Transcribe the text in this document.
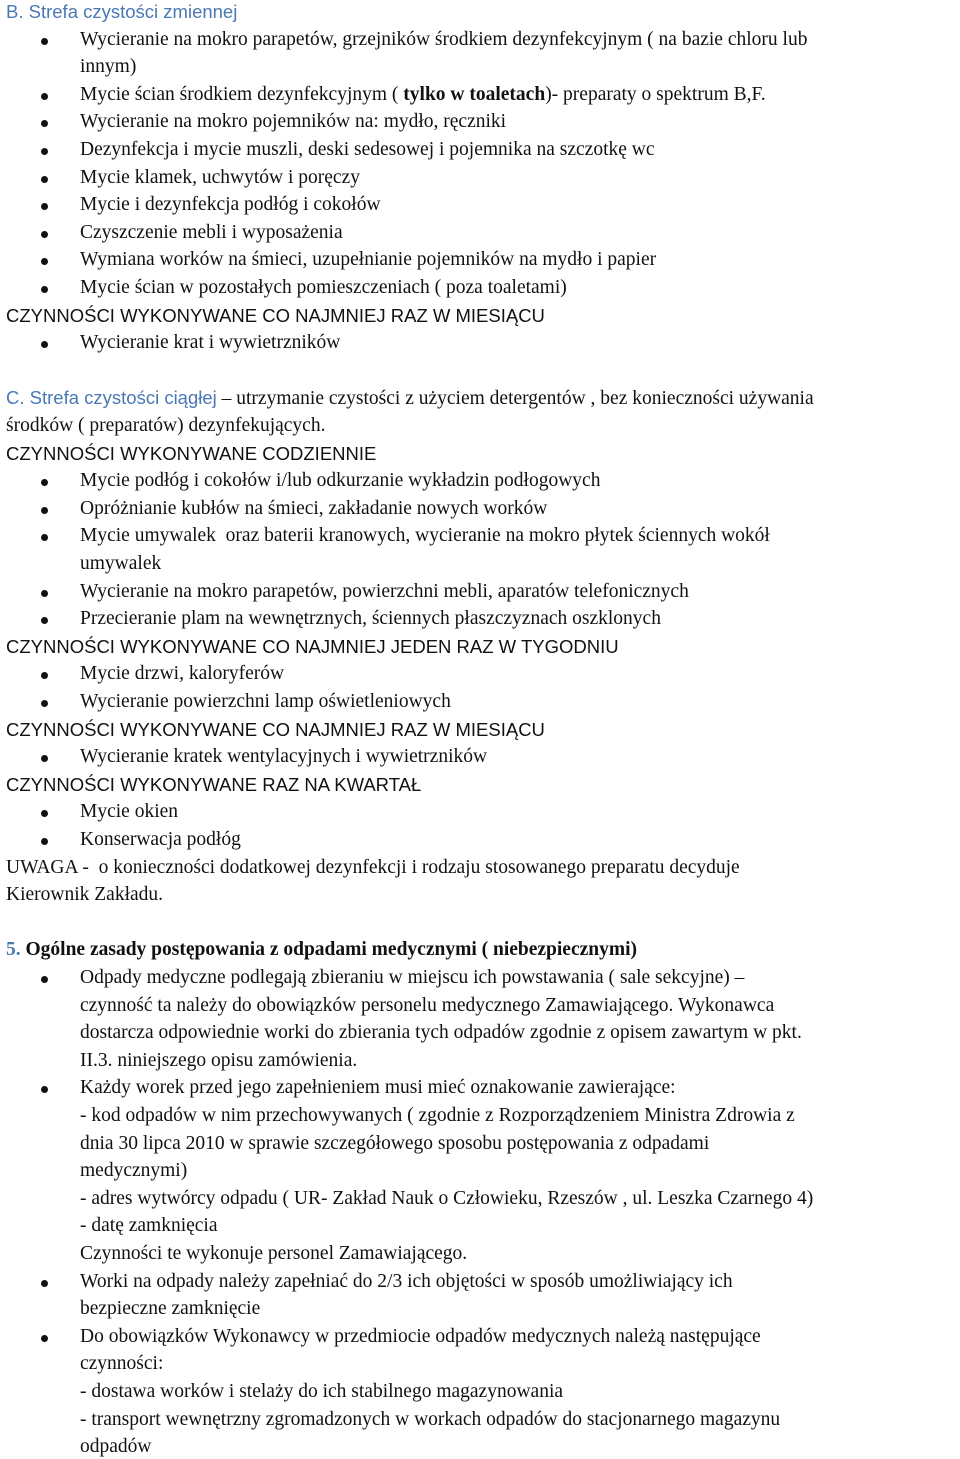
B. Strefa czystości zmiennej
Wycieranie na mokro parapetów, grzejników środkiem dezynfekcyjnym ( na bazie chloru lub
innym)
Mycie ścian środkiem dezynfekcyjnym ( tylko w toaletach)- preparaty o spektrum B,F.
Wycieranie na mokro pojemników na: mydło, ręczniki
Dezynfekcja i mycie muszli, deski sedesowej i pojemnika na szczotkę wc
Mycie klamek, uchwytów i poręczy
Mycie i dezynfekcja podłóg i cokołów
Czyszczenie mebli i wyposażenia
Wymiana worków na śmieci, uzupełnianie pojemników na mydło i papier
Mycie ścian w pozostałych pomieszczeniach ( poza toaletami)
CZYNNOŚCI WYKONYWANE CO NAJMNIEJ RAZ W MIESIĄCU
Wycieranie krat i wywietrzników
C. Strefa czystości ciągłej – utrzymanie czystości z użyciem detergentów , bez konieczności używania
środków ( preparatów) dezynfekujących.
CZYNNOŚCI WYKONYWANE CODZIENNIE
Mycie podłóg i cokołów i/lub odkurzanie wykładzin podłogowych
Opróżnianie kubłów na śmieci, zakładanie nowych worków
Mycie umywalek  oraz baterii kranowych, wycieranie na mokro płytek ściennych wokół
umywalek
Wycieranie na mokro parapetów, powierzchni mebli, aparatów telefonicznych
Przecieranie plam na wewnętrznych, ściennych płaszczyznach oszklonych
CZYNNOŚCI WYKONYWANE CO NAJMNIEJ JEDEN RAZ W TYGODNIU
Mycie drzwi, kaloryferów
Wycieranie powierzchni lamp oświetleniowych
CZYNNOŚCI WYKONYWANE CO NAJMNIEJ RAZ W MIESIĄCU
Wycieranie kratek wentylacyjnych i wywietrzników
CZYNNOŚCI WYKONYWANE RAZ NA KWARTAŁ
Mycie okien
Konserwacja podłóg
UWAGA -  o konieczności dodatkowej dezynfekcji i rodzaju stosowanego preparatu decyduje
Kierownik Zakładu.
5. Ogólne zasady postępowania z odpadami medycznymi ( niebezpiecznymi)
Odpady medyczne podlegają zbieraniu w miejscu ich powstawania ( sale sekcyjne) –
czynność ta należy do obowiązków personelu medycznego Zamawiającego. Wykonawca
dostarcza odpowiednie worki do zbierania tych odpadów zgodnie z opisem zawartym w pkt.
II.3. niniejszego opisu zamówienia.
Każdy worek przed jego zapełnieniem musi mieć oznakowanie zawierające:
- kod odpadów w nim przechowywanych ( zgodnie z Rozporządzeniem Ministra Zdrowia z
dnia 30 lipca 2010 w sprawie szczegółowego sposobu postępowania z odpadami
medycznymi)
- adres wytwórcy odpadu ( UR- Zakład Nauk o Człowieku, Rzeszów , ul. Leszka Czarnego 4)
- datę zamknięcia
Czynności te wykonuje personel Zamawiającego.
Worki na odpady należy zapełniać do 2/3 ich objętości w sposób umożliwiający ich
bezpieczne zamknięcie
Do obowiązków Wykonawcy w przedmiocie odpadów medycznych należą następujące
czynności:
- dostawa worków i stelaży do ich stabilnego magazynowania
- transport wewnętrzny zgromadzonych w workach odpadów do stacjonarnego magazynu
odpadów
